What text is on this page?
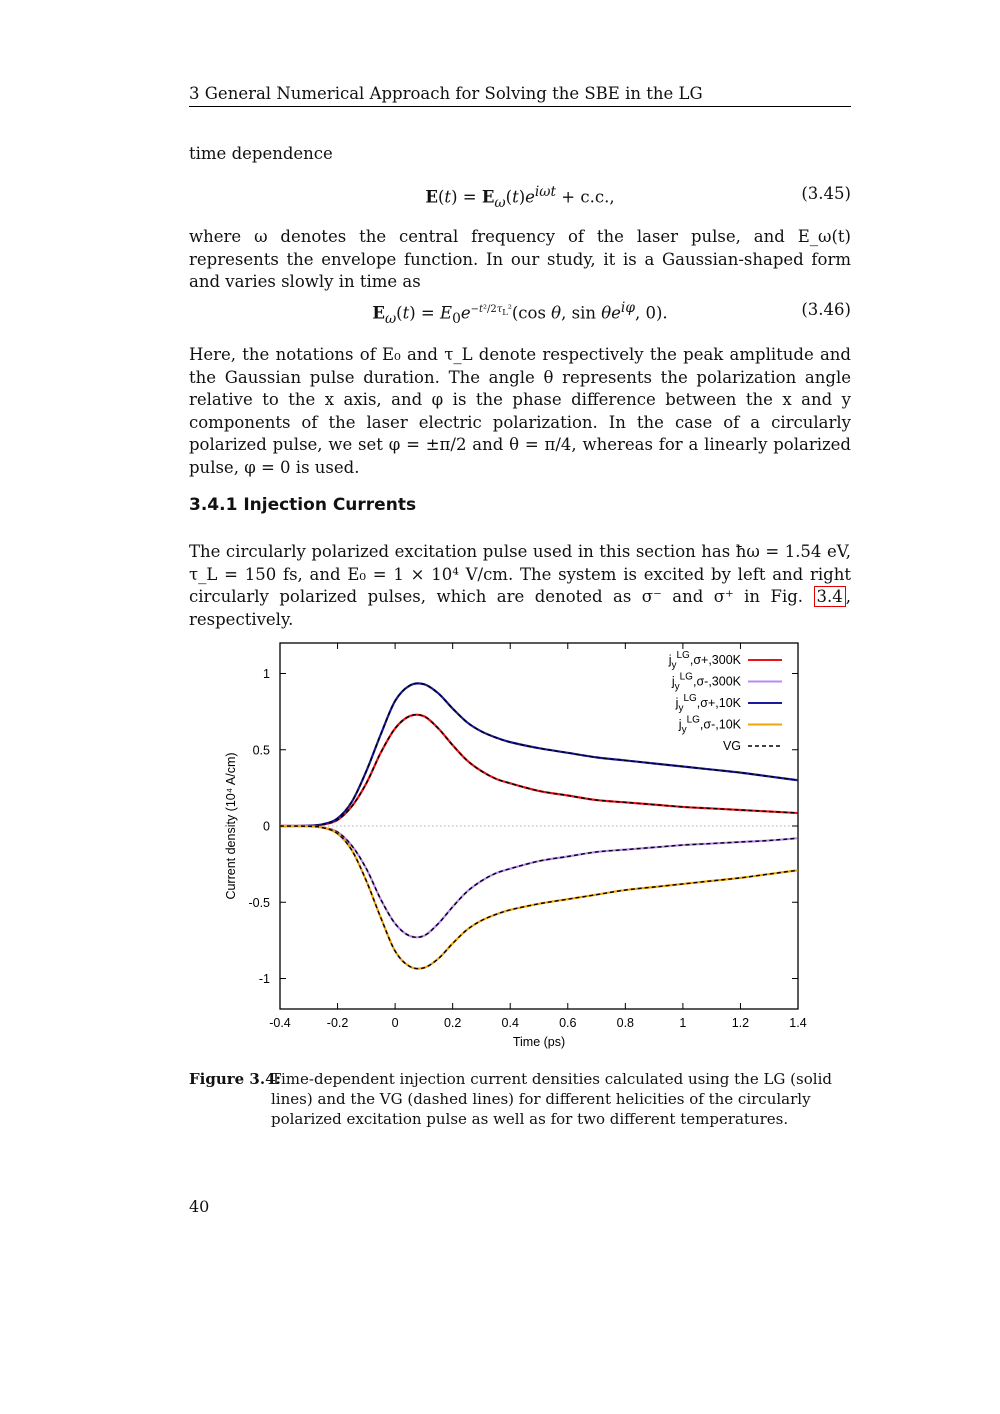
3 General Numerical Approach for Solving the SBE in the LG
time dependence
$E(t) = E_\omega(t)e^{i\omega t} + c.c$.,	(3.45)
where ω denotes the central frequency of the laser pulse, and E_ω(t) represents the envelope function. In our study, it is a Gaussian-shaped form and varies slowly in time as
$E_\omega(t) = E_0e^{-t^2/2\tau_L^2}(\cos$ θ, $\sin \theta e^{i\varphi}$, 0).	(3.46)
Here, the notations of E₀ and τ_L denote respectively the peak amplitude and the Gaussian pulse duration. The angle θ represents the polarization angle relative to the x axis, and φ is the phase difference between the x and y components of the laser electric polarization. In the case of a circularly polarized pulse, we set φ = ±π/2 and θ = π/4, whereas for a linearly polarized pulse, φ = 0 is used.
3.4.1 Injection Currents
The circularly polarized excitation pulse used in this section has ħω = 1.54 eV, τ_L = 150 fs, and E₀ = 1 × 10⁴ V/cm. The system is excited by left and right circularly polarized pulses, which are denoted as σ⁻ and σ⁺ in Fig. 3.4 , respectively.
Figure 3.4:
Time-dependent injection current densities calculated using the LG (solid lines) and the VG (dashed lines) for different helicities of the circularly polarized excitation pulse as well as for two different temperatures.
40
-0.4	-0.2	0	0.2	0.4	0.6	0.8	1	1.2	1.4
-1
-0.5
0
0.5
1
$j_y^{LG},\sigma+,300K$
$j_y^{LG},\sigma-,300K$
$j_y^{LG},\sigma+,10K$
$j_y^{LG},\sigma-,10K$
VG
Time (ps)
Current density (10⁴ A/cm)
